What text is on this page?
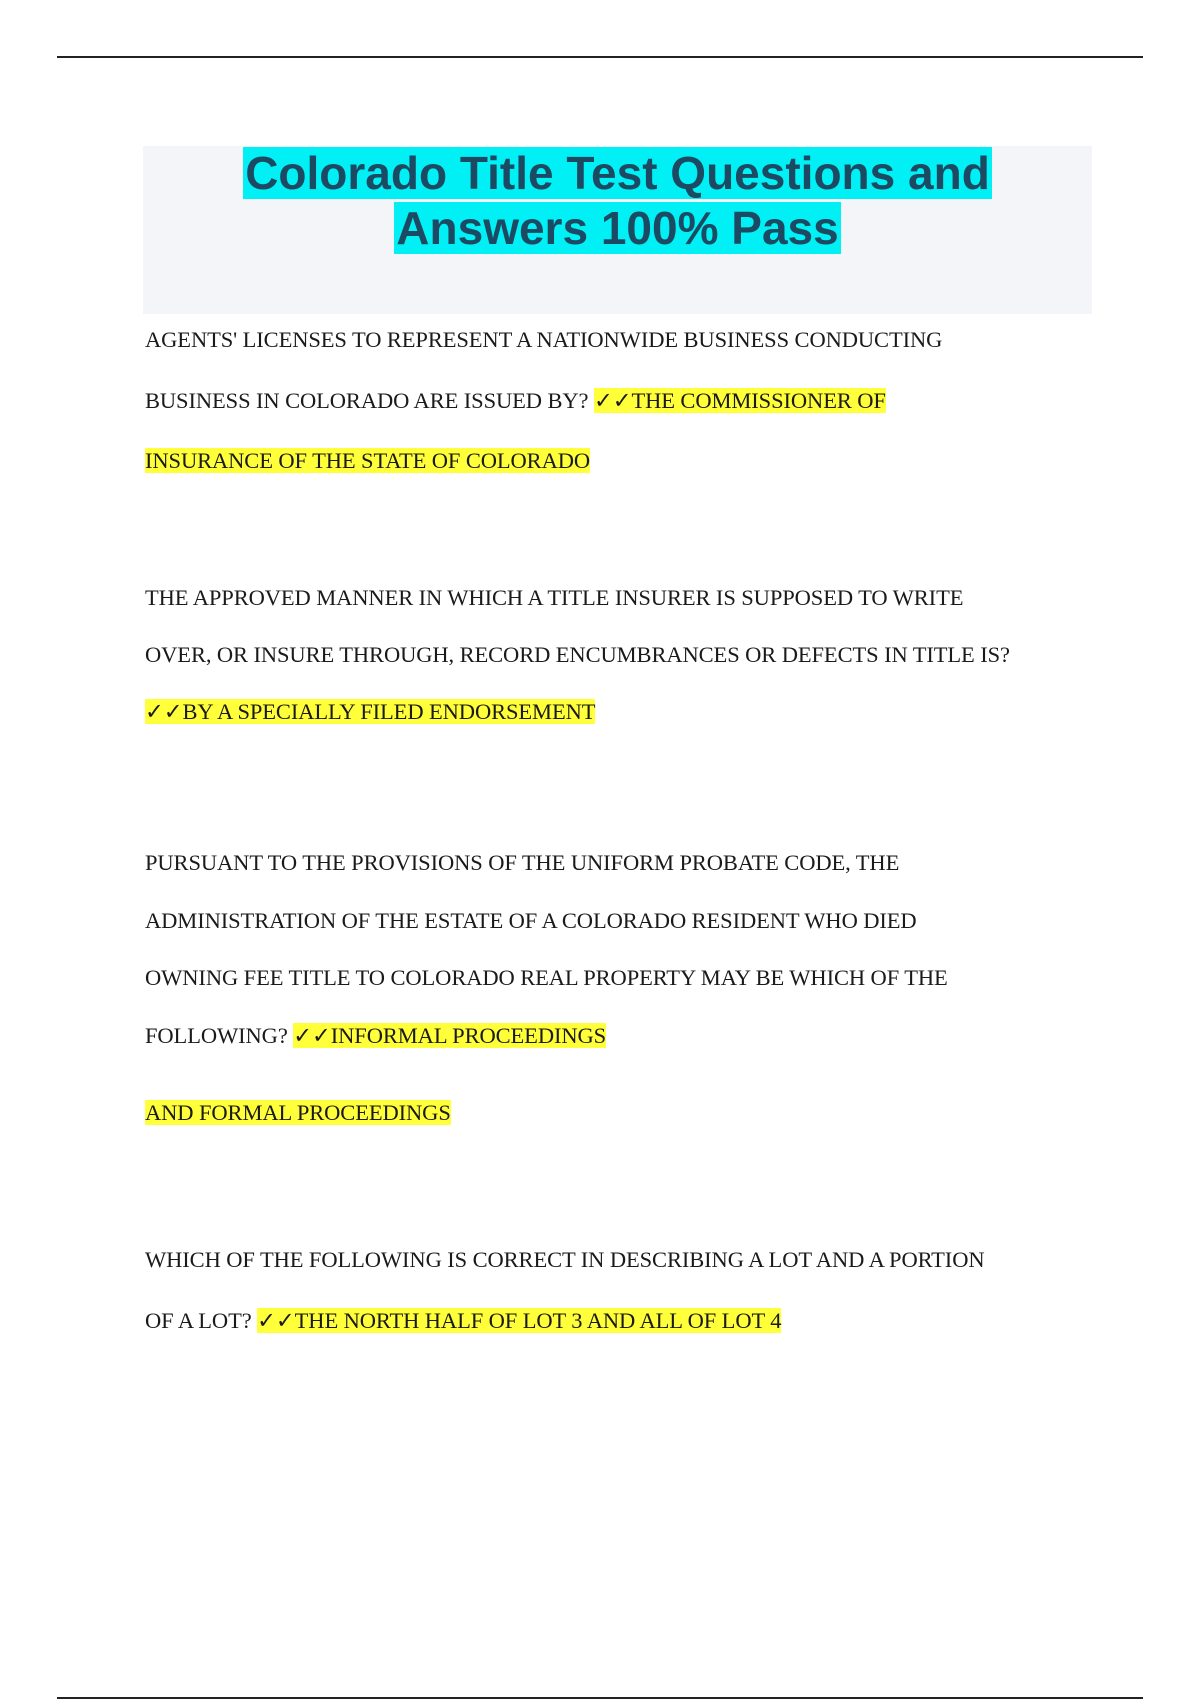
Colorado Title Test Questions and
Answers 100% Pass

AGENTS' LICENSES TO REPRESENT A NATIONWIDE BUSINESS CONDUCTING
BUSINESS IN COLORADO ARE ISSUED BY? ✓✓THE COMMISSIONER OF
INSURANCE OF THE STATE OF COLORADO

THE APPROVED MANNER IN WHICH A TITLE INSURER IS SUPPOSED TO WRITE
OVER, OR INSURE THROUGH, RECORD ENCUMBRANCES OR DEFECTS IN TITLE IS?
✓✓BY A SPECIALLY FILED ENDORSEMENT

PURSUANT TO THE PROVISIONS OF THE UNIFORM PROBATE CODE, THE
ADMINISTRATION OF THE ESTATE OF A COLORADO RESIDENT WHO DIED
OWNING FEE TITLE TO COLORADO REAL PROPERTY MAY BE WHICH OF THE
FOLLOWING? ✓✓INFORMAL PROCEEDINGS
AND FORMAL PROCEEDINGS

WHICH OF THE FOLLOWING IS CORRECT IN DESCRIBING A LOT AND A PORTION
OF A LOT? ✓✓THE NORTH HALF OF LOT 3 AND ALL OF LOT 4
